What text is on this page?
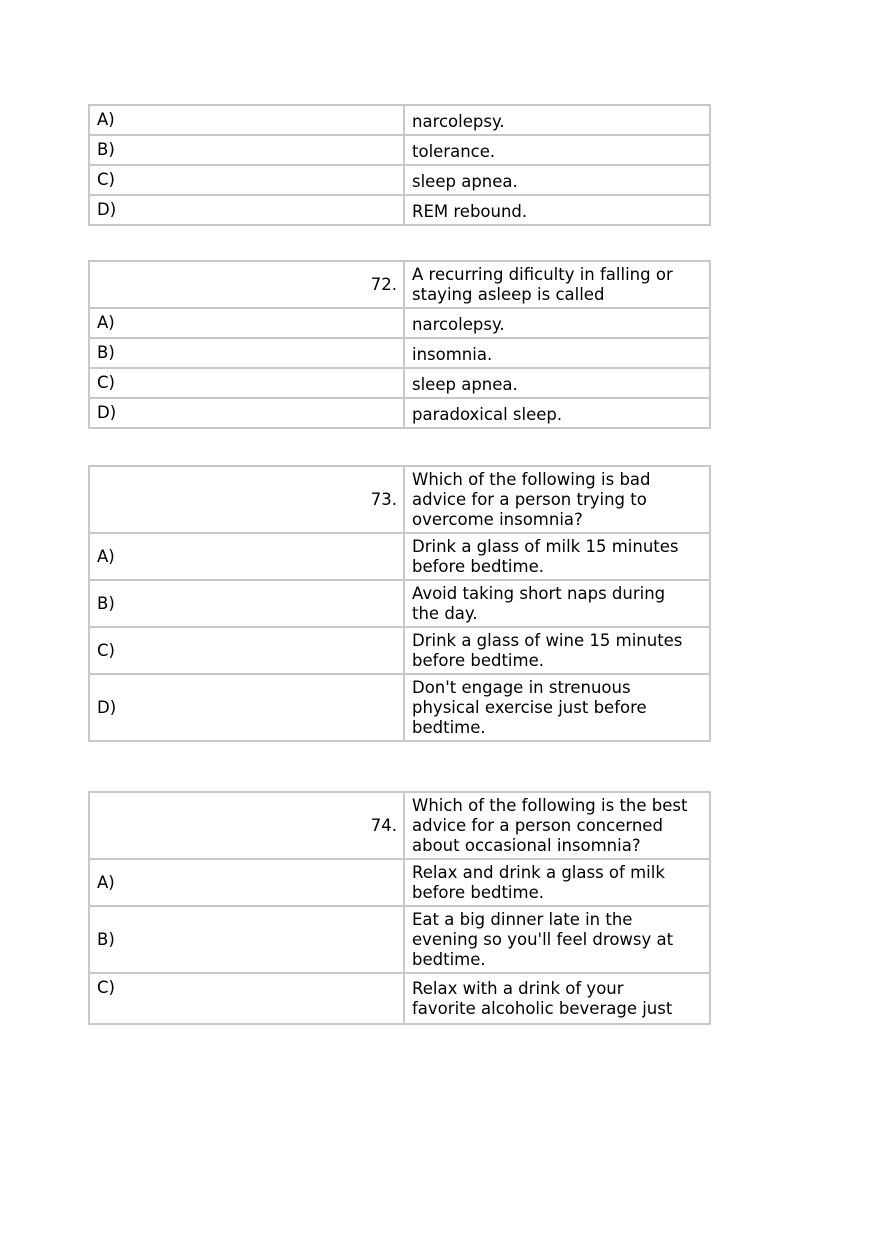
A)	narcolepsy.
B)	tolerance.
C)	sleep apnea.
D)	REM rebound.
72.	A recurring diﬁculty in falling or
staying asleep is called

A)	narcolepsy.
B)	insomnia.
C)	sleep apnea.
D)	paradoxical sleep.
73.	Which of the following is bad
advice for a person trying to
overcome insomnia?

A)	Drink a glass of milk 15 minutes
before bedtime.

B)	Avoid taking short naps during
the day.

C)	Drink a glass of wine 15 minutes
before bedtime.

D)	Don't engage in strenuous
physical exercise just before
bedtime.
74.	Which of the following is the best
advice for a person concerned
about occasional insomnia?

A)	Relax and drink a glass of milk
before bedtime.

B)	Eat a big dinner late in the
evening so you'll feel drowsy at
bedtime.

C)	Relax with a drink of your
favorite alcoholic beverage just
